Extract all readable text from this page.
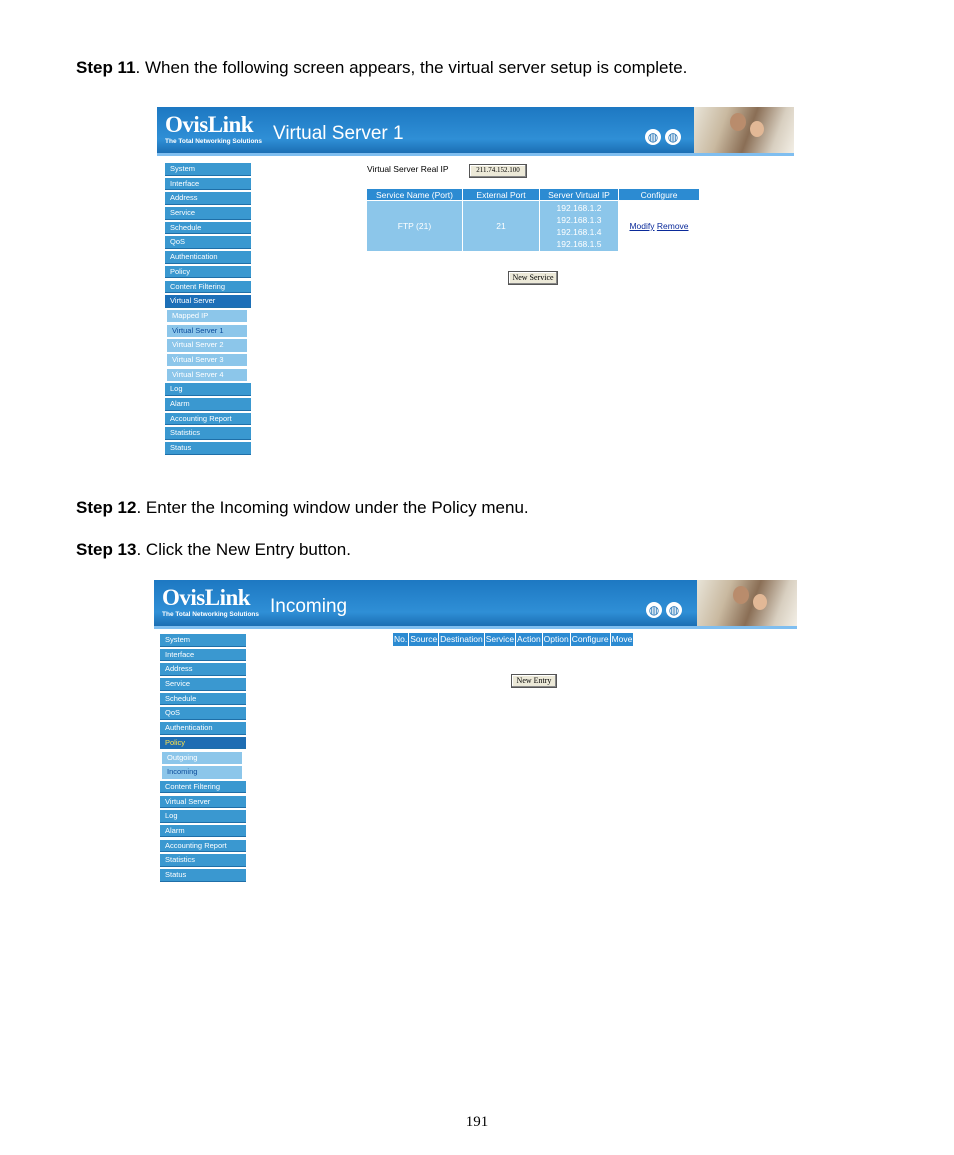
Step 11. When the following screen appears, the virtual server setup is complete.
OvisLink
The Total Networking Solutions Virtual Server 1	◍ ◍
System
Interface
Address
Service
Schedule
QoS
Authentication
Policy
Content Filtering
Virtual Server
Mapped IP
Virtual Server 1
Virtual Server 2
Virtual Server 3
Virtual Server 4
Log
Alarm
Accounting Report
Statistics
Status
Virtual Server Real IP	211.74.152.100
Service Name (Port)	External Port	Server Virtual IP	Configure
FTP (21)	21	192.168.1.2
192.168.1.3
192.168.1.4
192.168.1.5	Modify Remove
New Service
Step 12. Enter the Incoming window under the Policy menu.
Step 13. Click the New Entry button.
OvisLink
The Total Networking Solutions Incoming	◍ ◍
System
Interface
Address
Service
Schedule
QoS
Authentication
Policy
Outgoing
Incoming
Content Filtering
Virtual Server
Log
Alarm
Accounting Report
Statistics
Status
No. Source Destination Service Action Option Configure Move
New Entry
191
